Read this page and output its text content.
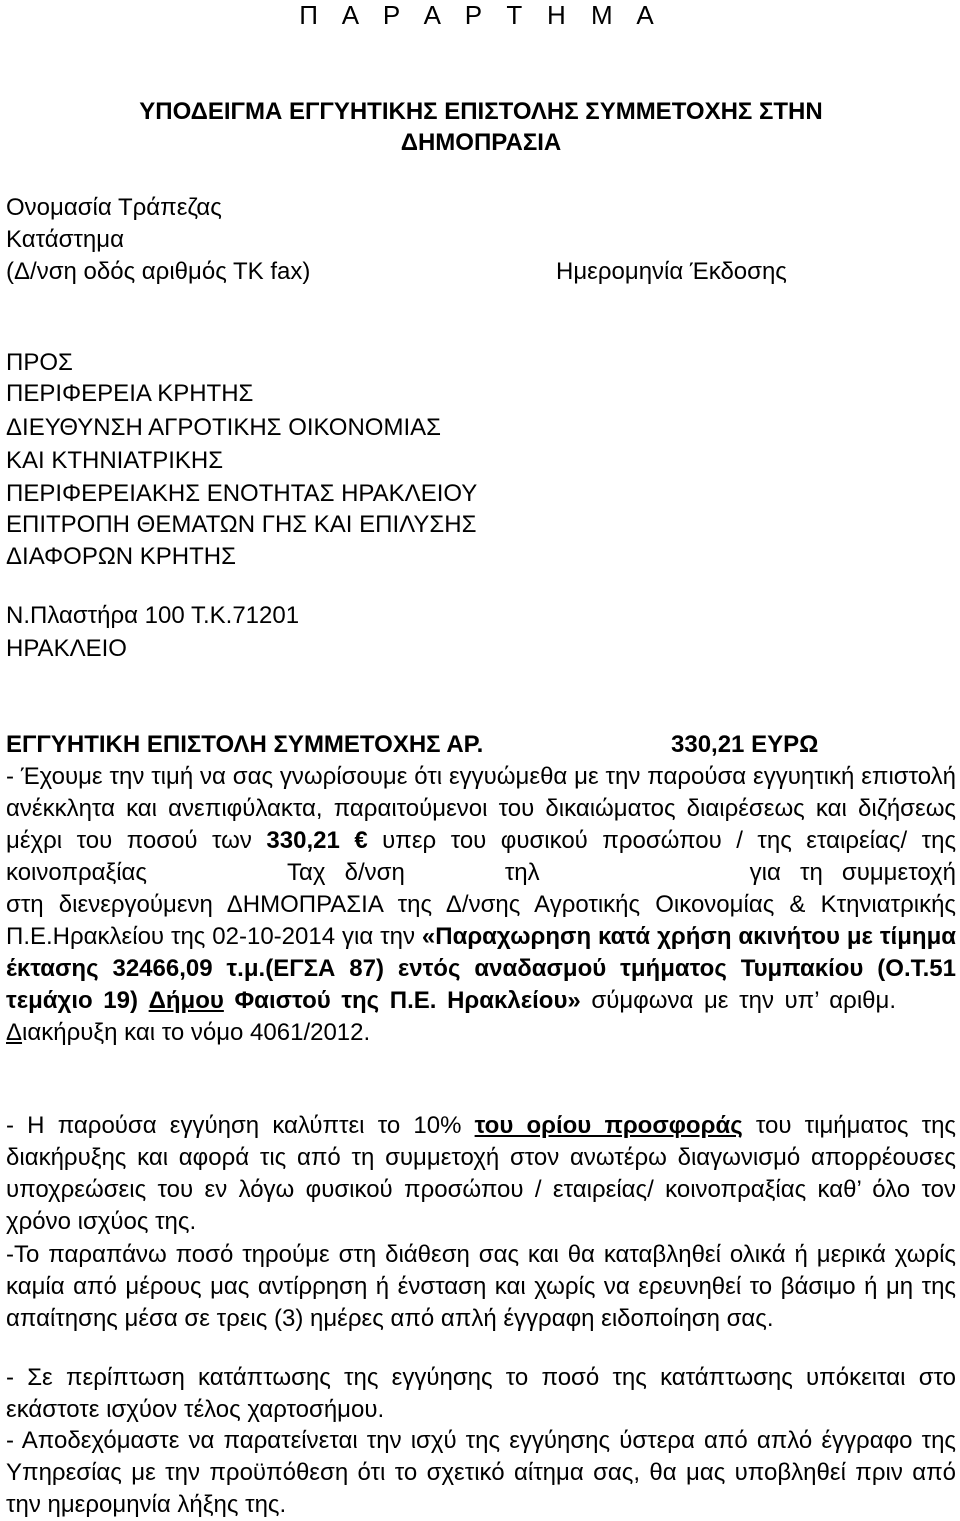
Π Α Ρ Α Ρ Τ Η Μ Α
ΥΠΟΔΕΙΓΜΑ ΕΓΓΥΗΤΙΚΗΣ ΕΠΙΣΤΟΛΗΣ ΣΥΜΜΕΤΟΧΗΣ ΣΤΗΝ
ΔΗΜΟΠΡΑΣΙΑ
Ονομασία Τράπεζας
Κατάστημα
(Δ/νση οδός αριθμός ΤΚ fax)	Ημερομηνία Έκδοσης
ΠΡΟΣ
ΠΕΡΙΦΕΡΕΙΑ ΚΡΗΤΗΣ
ΔΙΕΥΘΥΝΣΗ ΑΓΡΟΤΙΚΗΣ ΟΙΚΟΝΟΜΙΑΣ
ΚΑΙ ΚΤΗΝΙΑΤΡΙΚΗΣ
ΠΕΡΙΦΕΡΕΙΑΚΗΣ ΕΝΟΤΗΤΑΣ ΗΡΑΚΛΕΙΟΥ
ΕΠΙΤΡΟΠΗ ΘΕΜΑΤΩΝ ΓΗΣ ΚΑΙ ΕΠΙΛΥΣΗΣ
ΔΙΑΦΟΡΩΝ ΚΡΗΤΗΣ
Ν.Πλαστήρα 100 Τ.Κ.71201
ΗΡΑΚΛΕΙΟ
ΕΓΓΥΗΤΙΚΗ ΕΠΙΣΤΟΛΗ ΣΥΜΜΕΤΟΧΗΣ ΑΡ.	330,21 ΕΥΡΩ

- Έχουμε την τιμή να σας γνωρίσουμε ότι εγγυώμεθα με την παρούσα εγγυητική επιστολή ανέκκλητα και ανεπιφύλακτα, παραιτούμενοι του δικαιώματος διαιρέσεως και διζήσεως μέχρι του ποσού των 330,21 € υπερ του φυσικού προσώπου / της εταιρείας/ της κοινοπραξίας	Ταχ δ/νση	τηλ	για τη συμμετοχή στη διενεργούμενη ΔΗΜΟΠΡΑΣΙΑ της Δ/νσης Αγροτικής Οικονομίας & Κτηνιατρικής Π.Ε.Ηρακλείου της 02-10-2014 για την «Παραχωρηση κατά χρήση ακινήτου με τίμημα έκτασης 32466,09 τ.μ.(ΕΓΣΑ 87) εντός αναδασμού τμήματος Τυμπακίου (Ο.Τ.51 τεμάχιο 19) Δήμου Φαιστού της Π.Ε. Ηρακλείου» σύμφωνα με την υπ’ αριθμ.Διακήρυξη και το νόμο 4061/2012.

- Η παρούσα εγγύηση καλύπτει το 10% του ορίου προσφοράς του τιμήματος της διακήρυξης και αφορά τις από τη συμμετοχή στον ανωτέρω διαγωνισμό απορρέουσες υποχρεώσεις του εν λόγω φυσικού προσώπου / εταιρείας/ κοινοπραξίας καθ’ όλο τον χρόνο ισχύος της.

-Το παραπάνω ποσό τηρούμε στη διάθεση σας και θα καταβληθεί ολικά ή μερικά χωρίς καμία από μέρους μας αντίρρηση ή ένσταση και χωρίς να ερευνηθεί το βάσιμο ή μη της απαίτησης μέσα σε τρεις (3) ημέρες από απλή έγγραφη ειδοποίηση σας.

- Σε περίπτωση κατάπτωσης της εγγύησης το ποσό της κατάπτωσης υπόκειται στο εκάστοτε ισχύον τέλος χαρτοσήμου.

- Αποδεχόμαστε να παρατείνεται την ισχύ της εγγύησης ύστερα από απλό έγγραφο της Υπηρεσίας με την προϋπόθεση ότι το σχετικό αίτημα σας, θα μας υποβληθεί πριν από την ημερομηνία λήξης της.
